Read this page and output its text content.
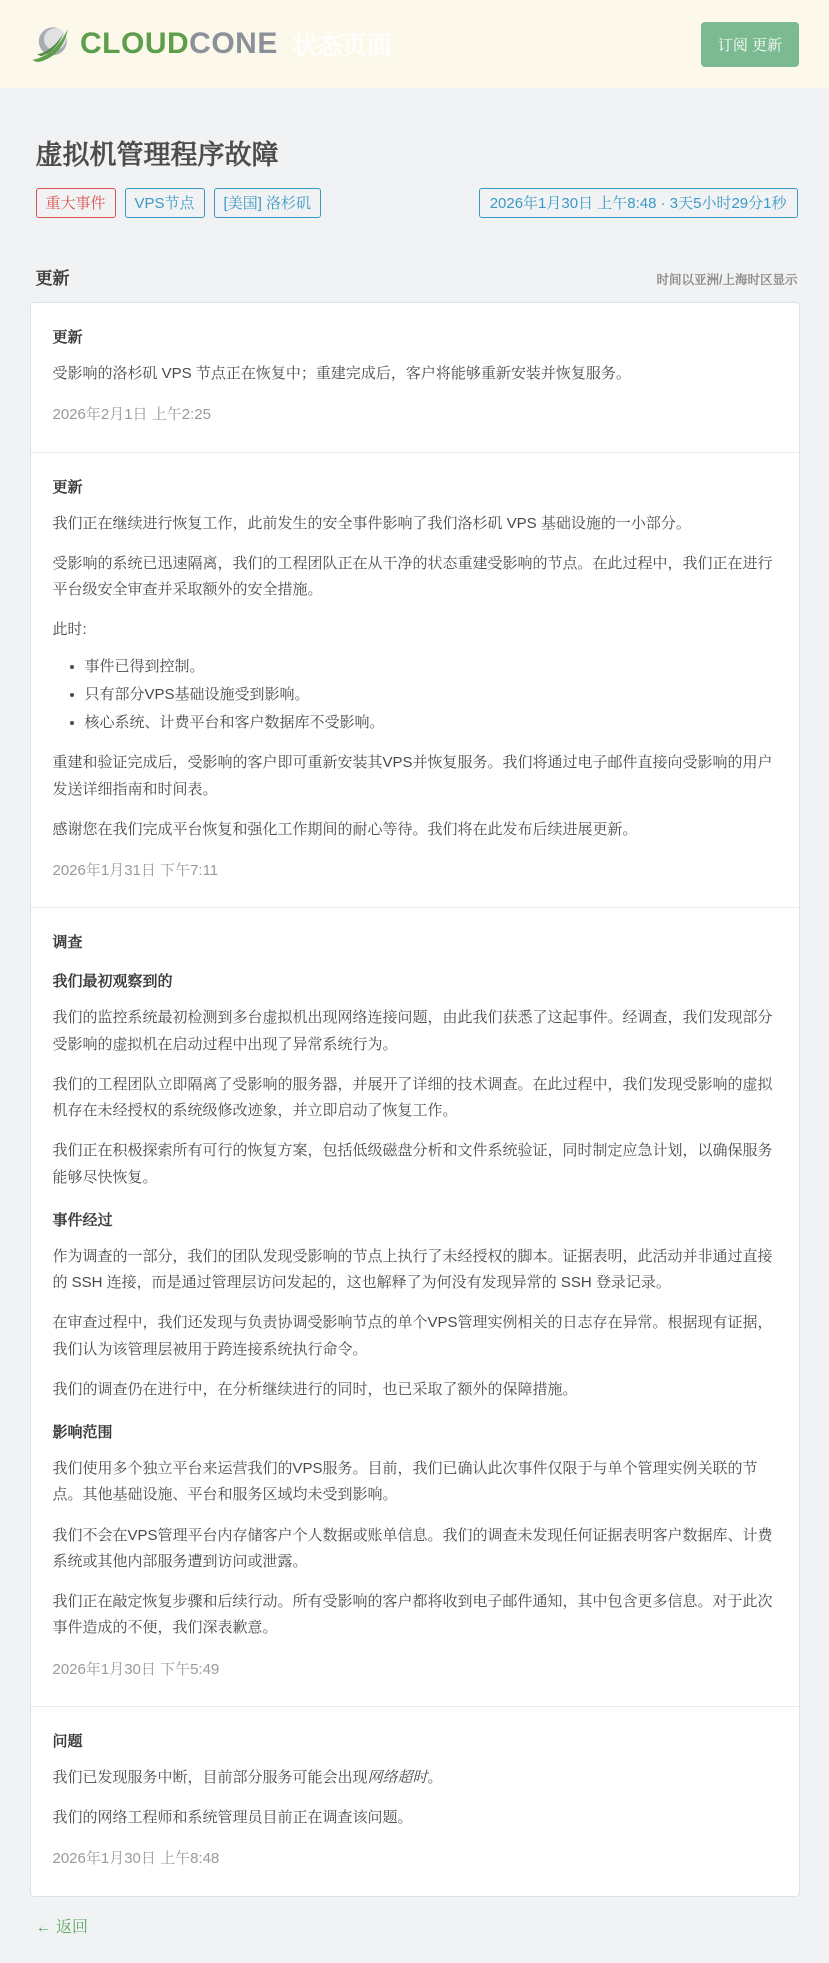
CLOUDCONE 状态页面	订阅 更新
虚拟机管理程序故障
重大事件	VPS节点	[美国] 洛杉矶	2026年1月30日 上午8:48 · 3天5小时29分1秒
更新	时间以亚洲/上海时区显示
更新

受影响的洛杉矶 VPS 节点正在恢复中；重建完成后，客户将能够重新安装并恢复服务。

2026年2月1日 上午2:25

更新

我们正在继续进行恢复工作，此前发生的安全事件影响了我们洛杉矶 VPS 基础设施的一小部分。

受影响的系统已迅速隔离，我们的工程团队正在从干净的状态重建受影响的节点。在此过程中，我们正在进行平台级安全审查并采取额外的安全措施。

此时:

• 事件已得到控制。
• 只有部分VPS基础设施受到影响。
• 核心系统、计费平台和客户数据库不受影响。

重建和验证完成后，受影响的客户即可重新安装其VPS并恢复服务。我们将通过电子邮件直接向受影响的用户发送详细指南和时间表。

感谢您在我们完成平台恢复和强化工作期间的耐心等待。我们将在此发布后续进展更新。

2026年1月31日 下午7:11

调查
我们最初观察到的

我们的监控系统最初检测到多台虚拟机出现网络连接问题，由此我们获悉了这起事件。经调查，我们发现部分受影响的虚拟机在启动过程中出现了异常系统行为。

我们的工程团队立即隔离了受影响的服务器，并展开了详细的技术调查。在此过程中，我们发现受影响的虚拟机存在未经授权的系统级修改迹象，并立即启动了恢复工作。

我们正在积极探索所有可行的恢复方案，包括低级磁盘分析和文件系统验证，同时制定应急计划，以确保服务能够尽快恢复。

事件经过

作为调查的一部分，我们的团队发现受影响的节点上执行了未经授权的脚本。证据表明，此活动并非通过直接的 SSH 连接，而是通过管理层访问发起的，这也解释了为何没有发现异常的 SSH 登录记录。

在审查过程中，我们还发现与负责协调受影响节点的单个VPS管理实例相关的日志存在异常。根据现有证据，我们认为该管理层被用于跨连接系统执行命令。

我们的调查仍在进行中，在分析继续进行的同时，也已采取了额外的保障措施。

影响范围

我们使用多个独立平台来运营我们的VPS服务。目前，我们已确认此次事件仅限于与单个管理实例关联的节点。其他基础设施、平台和服务区域均未受到影响。

我们不会在VPS管理平台内存储客户个人数据或账单信息。我们的调查未发现任何证据表明客户数据库、计费系统或其他内部服务遭到访问或泄露。

我们正在敲定恢复步骤和后续行动。所有受影响的客户都将收到电子邮件通知，其中包含更多信息。对于此次事件造成的不便，我们深表歉意。

2026年1月30日 下午5:49

问题

我们已发现服务中断，目前部分服务可能会出现网络超时。

我们的网络工程师和系统管理员目前正在调查该问题。

2026年1月30日 上午8:48

← 返回
